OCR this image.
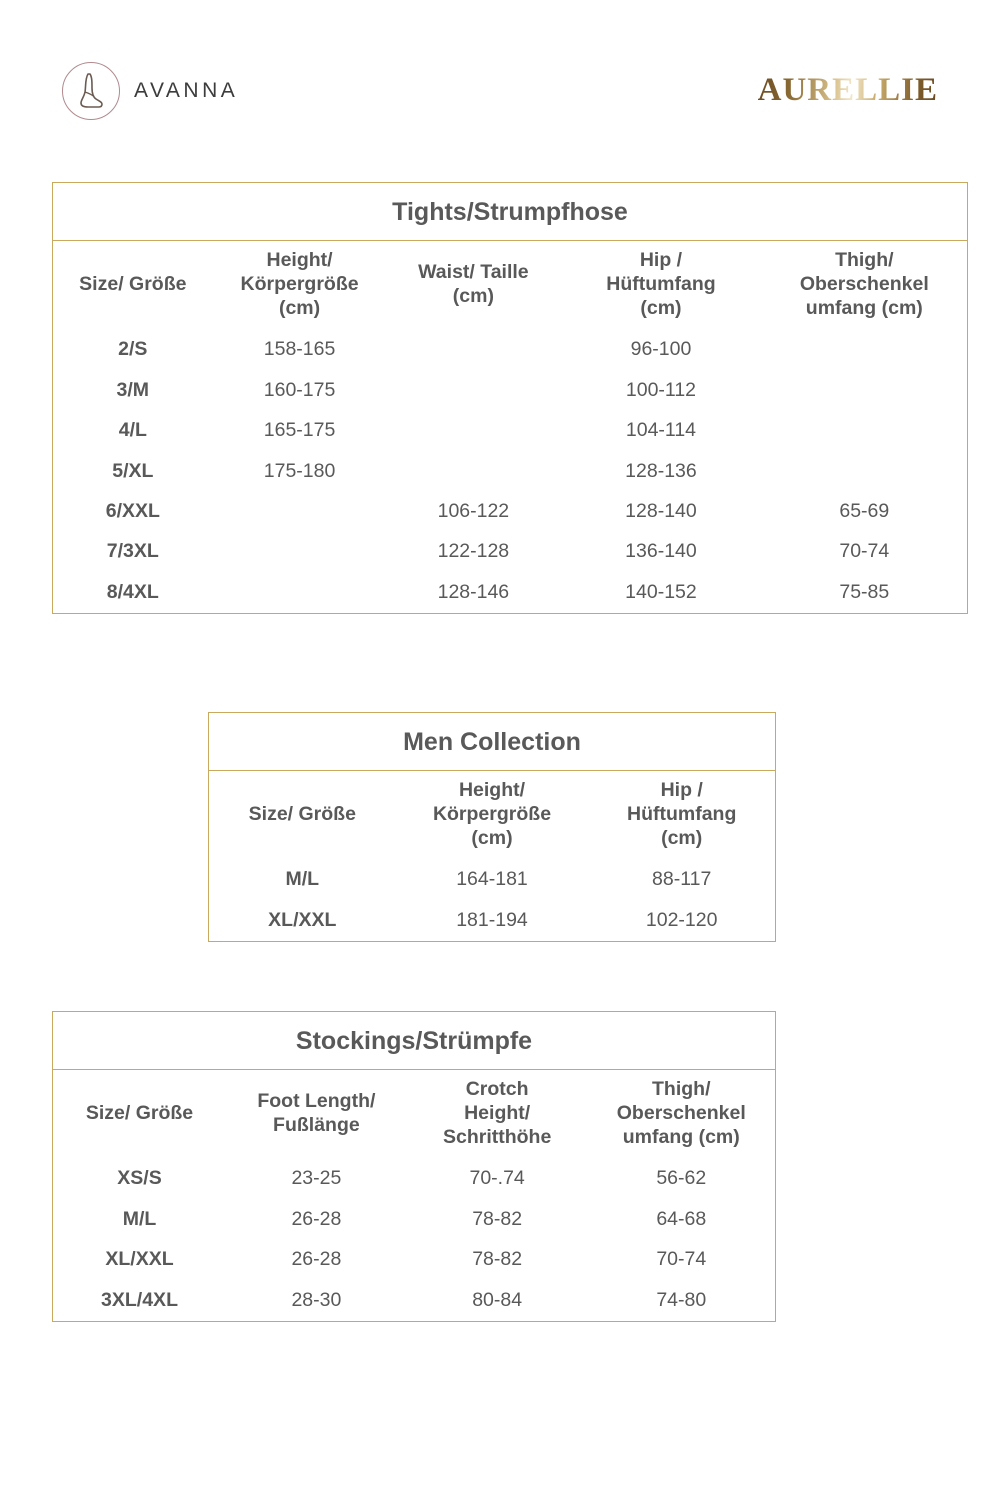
AVANNA	AURELLIE
Tights/Strumpfhose				
Size/ Größe	
Height/
Körpergröße
(cm)

Waist/ Taille
(cm)

Hip /
Hüftumfang
(cm)

Thigh/
Oberschenkel
umfang (cm)

2/S	158-165		96-100	
3/M	160-175		100-112	
4/L	165-175		104-114	
5/XL	175-180		128-136	
6/XXL		106-122	128-140	65-69
7/3XL		122-128	136-140	70-74
8/4XL		128-146	140-152	75-85
Men Collection		
Size/ Größe	
Height/
Körpergröße
(cm)

Hip /
Hüftumfang
(cm)

M/L	164-181	88-117
XL/XXL	181-194	102-120
Stockings/Strümpfe			
Size/ Größe	
Foot Length/
Fußlänge

Crotch
Height/
Schritthöhe

Thigh/
Oberschenkel
umfang (cm)

XS/S	23-25	70-.74	56-62
M/L	26-28	78-82	64-68
XL/XXL	26-28	78-82	70-74
3XL/4XL	28-30	80-84	74-80
